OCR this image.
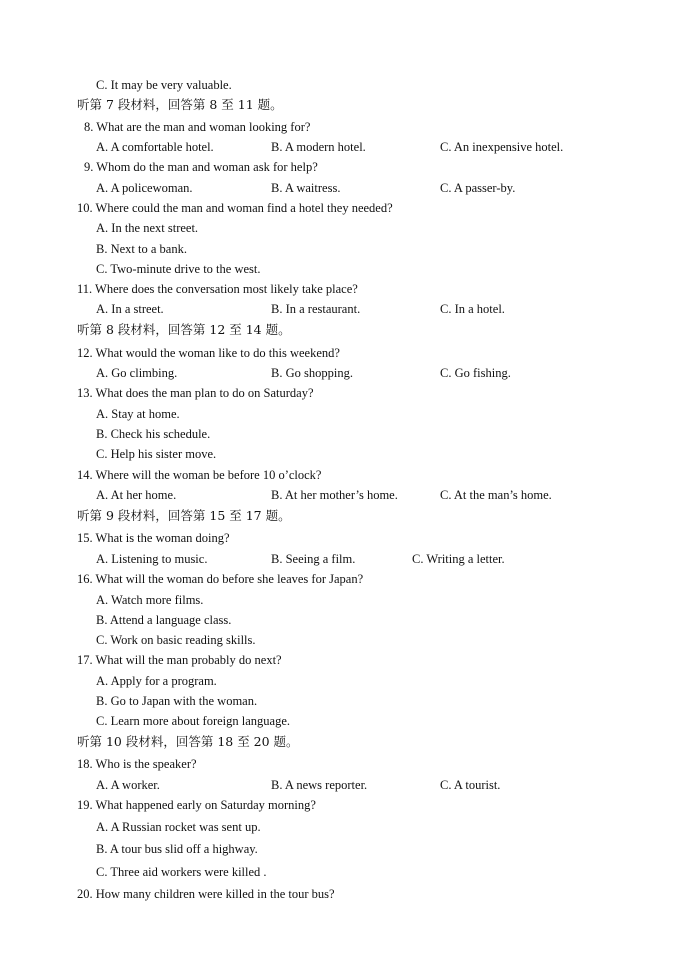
C. It may be very valuable.
听第 7 段材料，回答第 8 至 11 题。
8. What are the man and woman looking for?
A. A comfortable hotel.	B. A modern hotel.	C. An inexpensive hotel.
9. Whom do the man and woman ask for help?
A. A policewoman.	B. A waitress.	C. A passer-by.
10. Where could the man and woman find a hotel they needed?
A. In the next street.
B. Next to a bank.
C. Two-minute drive to the west.
11. Where does the conversation most likely take place?
A. In a street.	B. In a restaurant.	C. In a hotel.
听第 8 段材料，回答第 12 至 14 题。
12. What would the woman like to do this weekend?
A. Go climbing.	B. Go shopping.	C. Go fishing.
13. What does the man plan to do on Saturday?
A. Stay at home.
B. Check his schedule.
C. Help his sister move.
14. Where will the woman be before 10 o’clock?
A. At her home.	B. At her mother’s home.	C. At the man’s home.
听第 9 段材料，回答第 15 至 17 题。
15. What is the woman doing?
A. Listening to music.	B. Seeing a film.	C. Writing a letter.
16. What will the woman do before she leaves for Japan?
A. Watch more films.
B. Attend a language class.
C. Work on basic reading skills.
17. What will the man probably do next?
A. Apply for a program.
B. Go to Japan with the woman.
C. Learn more about foreign language.
听第 10 段材料，回答第 18 至 20 题。
18. Who is the speaker?
A. A worker.	B. A news reporter.	C. A tourist.
19. What happened early on Saturday morning?
A. A Russian rocket was sent up.
B. A tour bus slid off a highway.
C. Three aid workers were killed .
20. How many children were killed in the tour bus?
